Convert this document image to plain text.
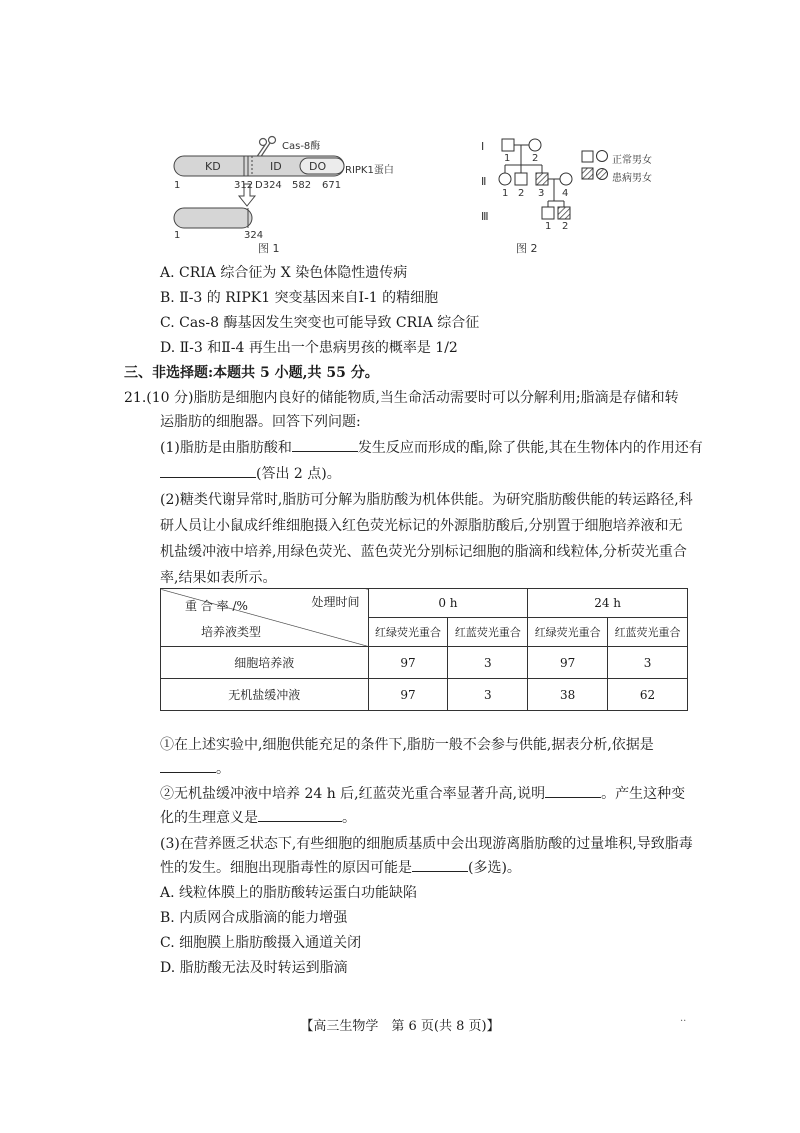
Cas-8酶
KD	ID DO RIPK1蛋白
1	312 D324 582 671
1	324
图 1
Ⅰ
Ⅱ
Ⅲ
1 2
1 2 3 4
1 2
正常男女
患病男女
图 2
A. CRIA 综合征为 X 染色体隐性遗传病
B. Ⅱ-3 的 RIPK1 突变基因来自Ⅰ-1 的精细胞
C. Cas-8 酶基因发生突变也可能导致 CRIA 综合征
D. Ⅱ-3 和Ⅱ-4 再生出一个患病男孩的概率是 1/2
三、非选择题:本题共 5 小题,共 55 分。
21.(10 分)脂肪是细胞内良好的储能物质,当生命活动需要时可以分解利用;脂滴是存储和转
运脂肪的细胞器。回答下列问题:
(1)脂肪是由脂肪酸和	发生反应而形成的酯,除了供能,其在生物体内的作用还有
(答出 2 点)。
(2)糖类代谢异常时,脂肪可分解为脂肪酸为机体供能。为研究脂肪酸供能的转运路径,科
研人员让小鼠成纤维细胞摄入红色荧光标记的外源脂肪酸后,分别置于细胞培养液和无
机盐缓冲液中培养,用绿色荧光、蓝色荧光分别标记细胞的脂滴和线粒体,分析荧光重合
率,结果如表所示。
处理时间
重 合 率 /%
培养液类型	0 h		24 h	
	红绿荧光重合	红蓝荧光重合	红绿荧光重合	红蓝荧光重合
细胞培养液	97	3	97	3
无机盐缓冲液	97	3	38	62
①在上述实验中,细胞供能充足的条件下,脂肪一般不会参与供能,据表分析,依据是
。
②无机盐缓冲液中培养 24 h 后,红蓝荧光重合率显著升高,说明	。产生这种变
化的生理意义是	。
(3)在营养匮乏状态下,有些细胞的细胞质基质中会出现游离脂肪酸的过量堆积,导致脂毒
性的发生。细胞出现脂毒性的原因可能是	(多选)。
A. 线粒体膜上的脂肪酸转运蛋白功能缺陷
B. 内质网合成脂滴的能力增强
C. 细胞膜上脂肪酸摄入通道关闭
D. 脂肪酸无法及时转运到脂滴
【高三生物学　第 6 页(共 8 页)】	··
